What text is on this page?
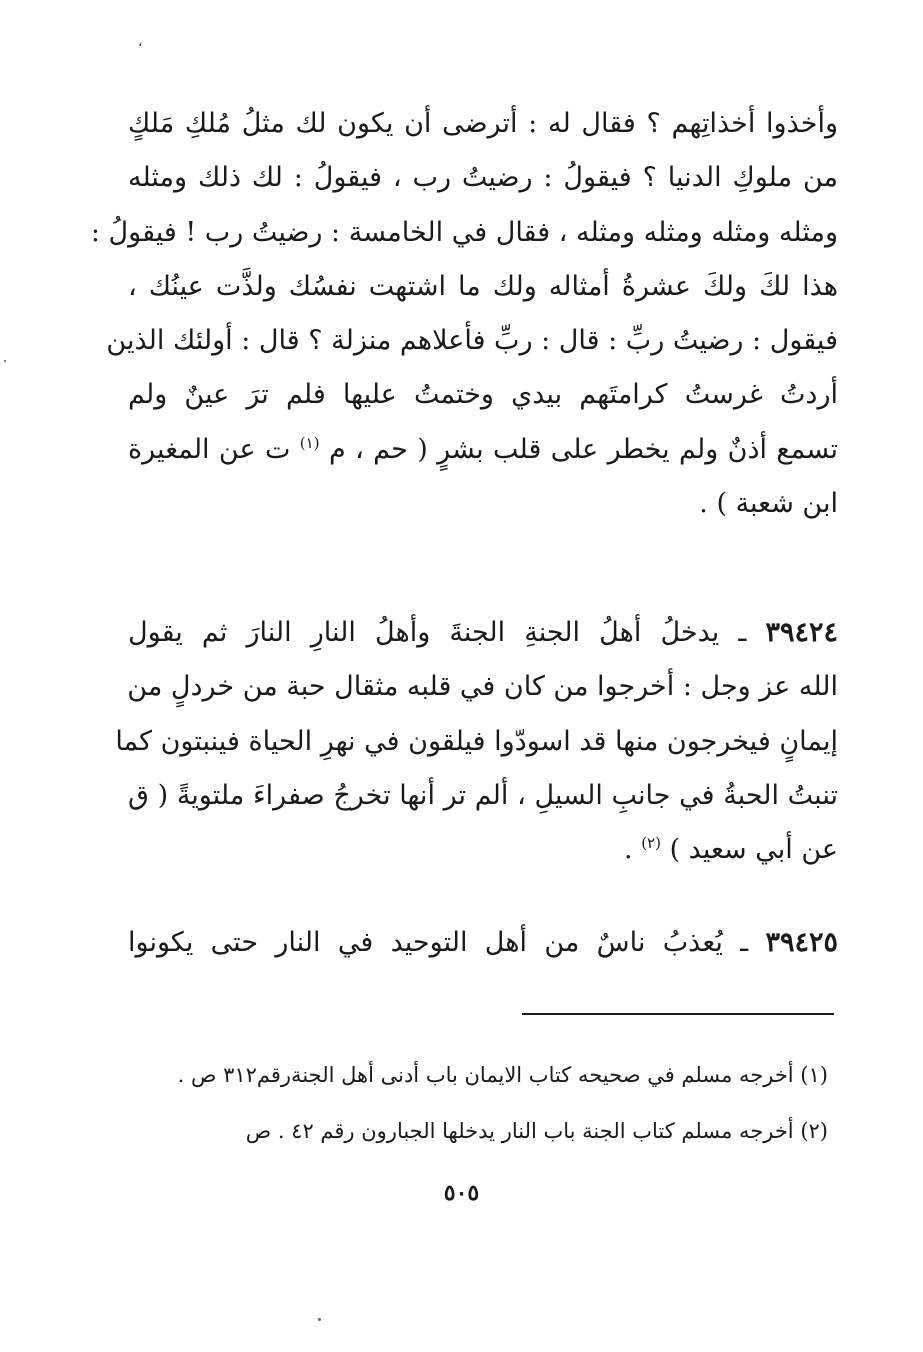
،
وأخذوا أخذاتِهم ؟ فقال له : أترضى أن يكون لك مثلُ مُلكِ مَلكٍ
من ملوكِ الدنيا ؟ فيقولُ : رضيتُ رب ، فيقولُ : لك ذلك ومثله
ومثله ومثله ومثله ومثله ، فقال في الخامسة : رضيتُ رب ! فيقولُ :
هذا لكَ ولكَ عشرةُ أمثاله ولك ما اشتهت نفسُك ولذَّت عينُك ،
فيقول : رضيتُ ربِّ : قال : ربِّ فأعلاهم منزلة ؟ قال : أولئك الذين
أردتُ غرستُ كرامتَهم بيدي وختمتُ عليها فلم ترَ عينٌ ولم
تسمع أذنٌ ولم يخطر على قلب بشرٍ ( حم ، م $^{(١)}$ ت عن المغيرة
ابن شعبة ) .
٣٩٤٢٤ ـ يدخلُ أهلُ الجنةِ الجنةَ وأهلُ النارِ النارَ ثم يقول
الله عز وجل : أخرجوا من كان في قلبه مثقال حبة من خردلٍ من
إيمانٍ فيخرجون منها قد اسودّوا فيلقون في نهرِ الحياة فينبتون كما
تنبتُ الحبةُ في جانبِ السيلِ ، ألم تر أنها تخرجُ صفراءَ ملتويةً ( ق
عن أبي سعيد ) $^{(٢)}$ .
٣٩٤٢٥ ـ يُعذبُ ناسٌ من أهل التوحيد في النار حتى يكونوا
(١) أخرجه مسلم في صحيحه كتاب الايمان باب أدنى أهل الجنةرقم٣١٢ ص .
(٢) أخرجه مسلم كتاب الجنة باب النار يدخلها الجبارون رقم ٤٢ . ص
٥٠٥
